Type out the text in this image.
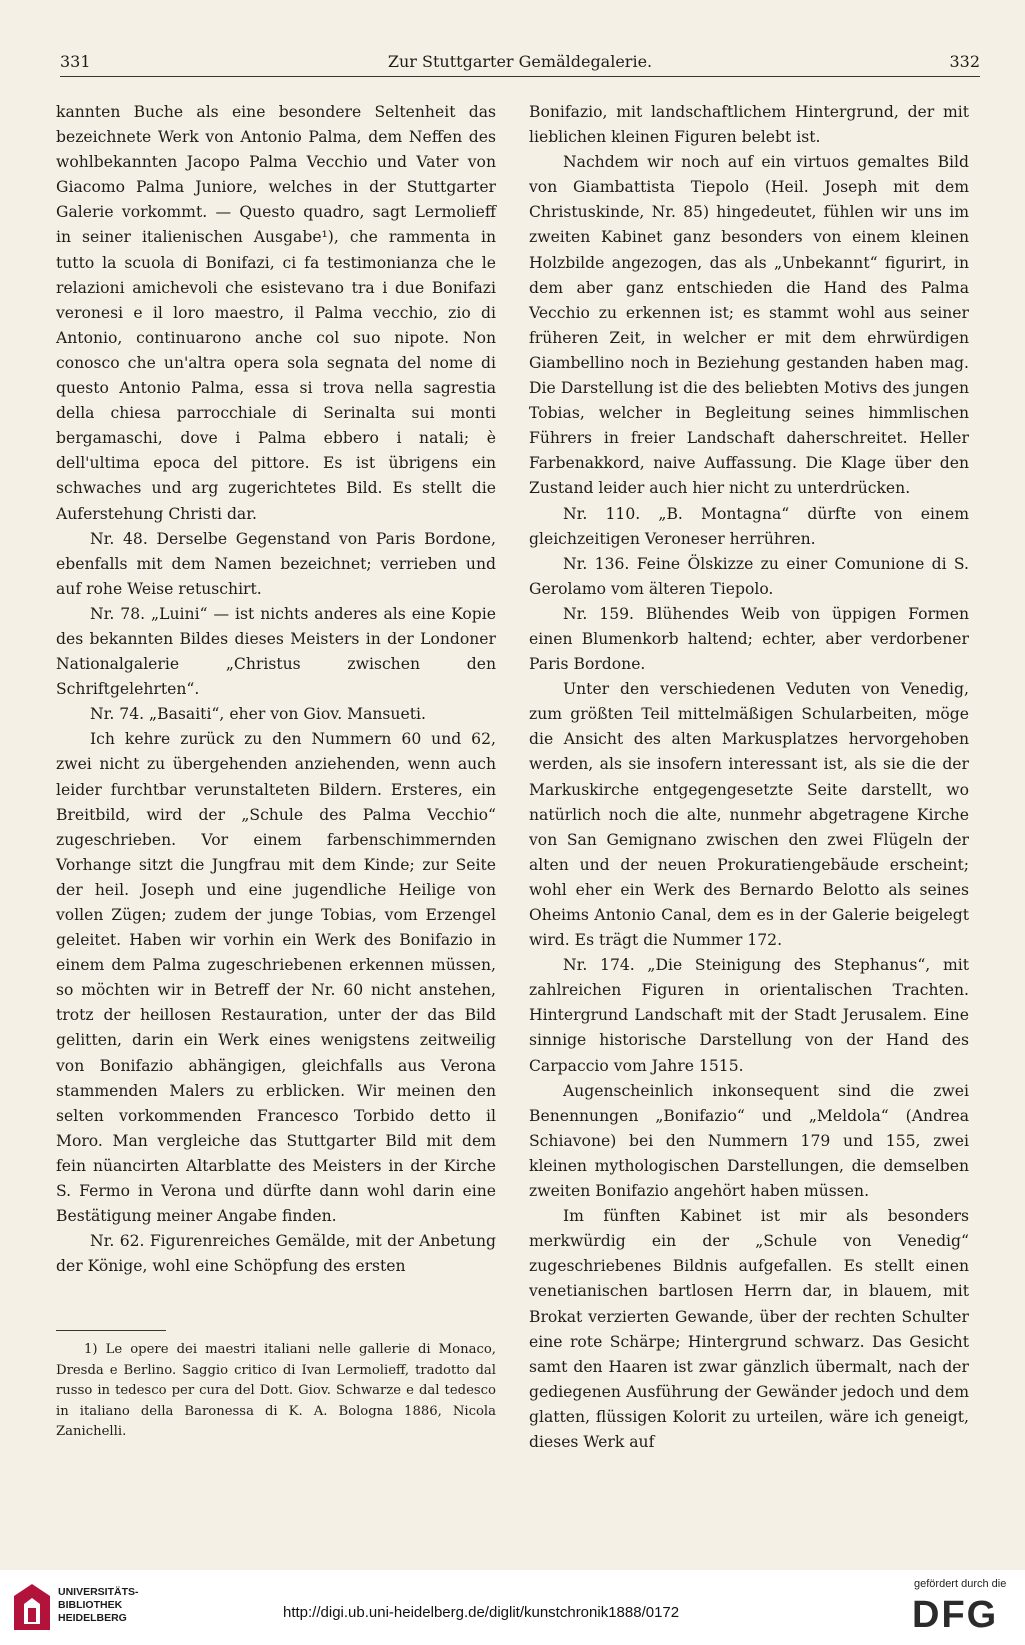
331	Zur Stuttgarter Gemäldegalerie.	332

kannten Buche als eine besondere Seltenheit das bezeichnete Werk von Antonio Palma, dem Neffen des wohlbekannten Jacopo Palma Vecchio und Vater von Giacomo Palma Juniore, welches in der Stuttgarter Galerie vorkommt. — Questo quadro, sagt Lermolieff in seiner italienischen Ausgabe¹), che rammenta in tutto la scuola di Bonifazi, ci fa testimonianza che le relazioni amichevoli che esistevano tra i due Bonifazi veronesi e il loro maestro, il Palma vecchio, zio di Antonio, continuarono anche col suo nipote. Non conosco che un'altra opera sola segnata del nome di questo Antonio Palma, essa si trova nella sagrestia della chiesa parrocchiale di Serinalta sui monti bergamaschi, dove i Palma ebbero i natali; è dell'ultima epoca del pittore. Es ist übrigens ein schwaches und arg zugerichtetes Bild. Es stellt die Auferstehung Christi dar.

Nr. 48. Derselbe Gegenstand von Paris Bordone, ebenfalls mit dem Namen bezeichnet; verrieben und auf rohe Weise retuschirt.

Nr. 78. „Luini“ — ist nichts anderes als eine Kopie des bekannten Bildes dieses Meisters in der Londoner Nationalgalerie „Christus zwischen den Schriftgelehrten“.

Nr. 74. „Basaiti“, eher von Giov. Mansueti.

Ich kehre zurück zu den Nummern 60 und 62, zwei nicht zu übergehenden anziehenden, wenn auch leider furchtbar verunstalteten Bildern. Ersteres, ein Breitbild, wird der „Schule des Palma Vecchio“ zugeschrieben. Vor einem farbenschimmernden Vorhange sitzt die Jungfrau mit dem Kinde; zur Seite der heil. Joseph und eine jugendliche Heilige von vollen Zügen; zudem der junge Tobias, vom Erzengel geleitet. Haben wir vorhin ein Werk des Bonifazio in einem dem Palma zugeschriebenen erkennen müssen, so möchten wir in Betreff der Nr. 60 nicht anstehen, trotz der heillosen Restauration, unter der das Bild gelitten, darin ein Werk eines wenigstens zeitweilig von Bonifazio abhängigen, gleichfalls aus Verona stammenden Malers zu erblicken. Wir meinen den selten vorkommenden Francesco Torbido detto il Moro. Man vergleiche das Stuttgarter Bild mit dem fein nüancirten Altarblatte des Meisters in der Kirche S. Fermo in Verona und dürfte dann wohl darin eine Bestätigung meiner Angabe finden.

Nr. 62. Figurenreiches Gemälde, mit der Anbetung der Könige, wohl eine Schöpfung des ersten

1) Le opere dei maestri italiani nelle gallerie di Monaco, Dresda e Berlino. Saggio critico di Ivan Lermolieff, tradotto dal russo in tedesco per cura del Dott. Giov. Schwarze e dal tedesco in italiano della Baronessa di K. A. Bologna 1886, Nicola Zanichelli.

Bonifazio, mit landschaftlichem Hintergrund, der mit lieblichen kleinen Figuren belebt ist.

Nachdem wir noch auf ein virtuos gemaltes Bild von Giambattista Tiepolo (Heil. Joseph mit dem Christuskinde, Nr. 85) hingedeutet, fühlen wir uns im zweiten Kabinet ganz besonders von einem kleinen Holzbilde angezogen, das als „Unbekannt“ figurirt, in dem aber ganz entschieden die Hand des Palma Vecchio zu erkennen ist; es stammt wohl aus seiner früheren Zeit, in welcher er mit dem ehrwürdigen Giambellino noch in Beziehung gestanden haben mag. Die Darstellung ist die des beliebten Motivs des jungen Tobias, welcher in Begleitung seines himmlischen Führers in freier Landschaft daherschreitet. Heller Farbenakkord, naive Auffassung. Die Klage über den Zustand leider auch hier nicht zu unterdrücken.

Nr. 110. „B. Montagna“ dürfte von einem gleichzeitigen Veroneser herrühren.

Nr. 136. Feine Ölskizze zu einer Comunione di S. Gerolamo vom älteren Tiepolo.

Nr. 159. Blühendes Weib von üppigen Formen einen Blumenkorb haltend; echter, aber verdorbener Paris Bordone.

Unter den verschiedenen Veduten von Venedig, zum größten Teil mittelmäßigen Schularbeiten, möge die Ansicht des alten Markusplatzes hervorgehoben werden, als sie insofern interessant ist, als sie die der Markuskirche entgegengesetzte Seite darstellt, wo natürlich noch die alte, nunmehr abgetragene Kirche von San Gemignano zwischen den zwei Flügeln der alten und der neuen Prokuratiengebäude erscheint; wohl eher ein Werk des Bernardo Belotto als seines Oheims Antonio Canal, dem es in der Galerie beigelegt wird. Es trägt die Nummer 172.

Nr. 174. „Die Steinigung des Stephanus“, mit zahlreichen Figuren in orientalischen Trachten. Hintergrund Landschaft mit der Stadt Jerusalem. Eine sinnige historische Darstellung von der Hand des Carpaccio vom Jahre 1515.

Augenscheinlich inkonsequent sind die zwei Benennungen „Bonifazio“ und „Meldola“ (Andrea Schiavone) bei den Nummern 179 und 155, zwei kleinen mythologischen Darstellungen, die demselben zweiten Bonifazio angehört haben müssen.

Im fünften Kabinet ist mir als besonders merkwürdig ein der „Schule von Venedig“ zugeschriebenes Bildnis aufgefallen. Es stellt einen venetianischen bartlosen Herrn dar, in blauem, mit Brokat verzierten Gewande, über der rechten Schulter eine rote Schärpe; Hintergrund schwarz. Das Gesicht samt den Haaren ist zwar gänzlich übermalt, nach der gediegenen Ausführung der Gewänder jedoch und dem glatten, flüssigen Kolorit zu urteilen, wäre ich geneigt, dieses Werk auf

UNIVERSITÄTS-
BIBLIOTHEK
HEIDELBERG	http://digi.ub.uni-heidelberg.de/diglit/kunstchronik1888/0172
gefördert durch die
DFG
